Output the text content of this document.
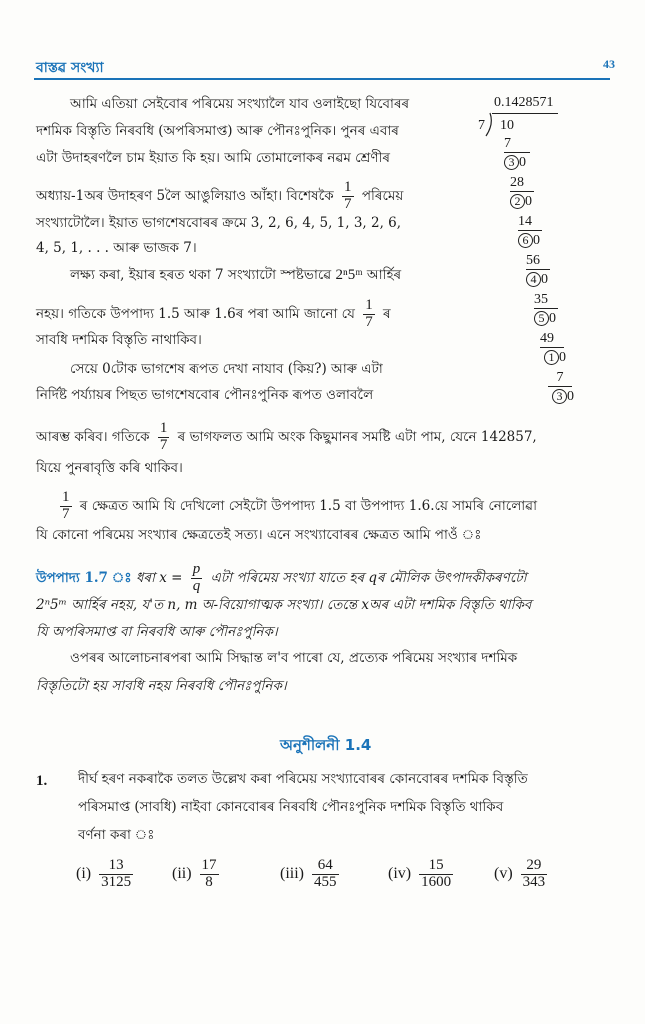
বাস্তৱ সংখ্যা	43
আমি এতিয়া সেইবোৰ পৰিমেয় সংখ্যালৈ যাব ওলাইছো যিবোৰৰ
দশমিক বিস্তৃতি নিৰবধি (অপৰিসমাপ্ত) আৰু পৌনঃপুনিক। পুনৰ এবাৰ
এটা উদাহৰণলৈ চাম ইয়াত কি হয়। আমি তোমালোকৰ নৱম শ্ৰেণীৰ
অধ্যায়-1অৰ উদাহৰণ 5লৈ আঙুলিয়াও আঁহা। বিশেষকৈ $\frac{1}{7}$ পৰিমেয়
সংখ্যাটোলৈ। ইয়াত ভাগশেষবোৰৰ ক্ৰমে 3, 2, 6, 4, 5, 1, 3, 2, 6,
4, 5, 1, . . . আৰু ভাজক 7।
লক্ষ্য কৰা, ইয়াৰ হৰত থকা 7 সংখ্যাটো স্পষ্টভাৱে 2ⁿ5ᵐ আৰ্হিৰ
নহয়। গতিকে উপপাদ্য 1.5 আৰু 1.6ৰ পৰা আমি জানো যে $\frac{1}{7}$ ৰ
সাবধি দশমিক বিস্তৃতি নাথাকিব।
সেয়ে 0টোক ভাগশেষ ৰূপত দেখা নাযাব (কিয়?) আৰু এটা
নিৰ্দিষ্ট পৰ্য্যায়ৰ পিছত ভাগশেষবোৰ পৌনঃপুনিক ৰূপত ওলাবলৈ
আৰম্ভ কৰিব। গতিকে $\frac{1}{7}$ ৰ ভাগফলত আমি অংক কিছুমানৰ সমষ্টি এটা পাম, যেনে 142857,
যিয়ে পুনৰাবৃত্তি কৰি থাকিব।
$\frac{1}{7}$ ৰ ক্ষেত্ৰত আমি যি দেখিলো সেইটো উপপাদ্য 1.5 বা উপপাদ্য 1.6.য়ে সামৰি নোলোৱা
যি কোনো পৰিমেয় সংখ্যাৰ ক্ষেত্ৰতেই সত্য। এনে সংখ্যাবোৰৰ ক্ষেত্ৰত আমি পাওঁ ঃ
উপপাদ্য 1.7 ঃ ধৰা $x = \frac{p}{q}$ এটা পৰিমেয় সংখ্যা যাতে হৰ qৰ মৌলিক উৎপাদকীকৰণটো
2ⁿ5ᵐ আৰ্হিৰ নহয়, য'ত n, m অ-বিয়োগাত্মক সংখ্যা। তেন্তে xঅৰ এটা দশমিক বিস্তৃতি থাকিব
যি অপৰিসমাপ্ত বা নিৰবধি আৰু পৌনঃপুনিক।
ওপৰৰ আলোচনাৰপৰা আমি সিদ্ধান্ত ল'ব পাৰো যে, প্ৰত্যেক পৰিমেয় সংখ্যাৰ দশমিক
বিস্তৃতিটো হয় সাবধি নহয় নিৰবধি পৌনঃপুনিক।
অনুশীলনী 1.4
1. দীৰ্ঘ হৰণ নকৰাকৈ তলত উল্লেখ কৰা পৰিমেয় সংখ্যাবোৰৰ কোনবোৰৰ দশমিক বিস্তৃতি
পৰিসমাপ্ত (সাবধি) নাইবা কোনবোৰৰ নিৰবধি পৌনঃপুনিক দশমিক বিস্তৃতি থাকিব
বৰ্ণনা কৰা ঃ
$(i) \frac{13}{3125} (ii) \frac{17}{8}$	$(iii) \frac{64}{455}$	$(iv) \frac{15}{1600}$	$(v) \frac{29}{343}$
0.1428571
7 10
7
3 0
28
2 0
14
6 0
56
4 0
35
5 0
49
1 0
7
3 0
